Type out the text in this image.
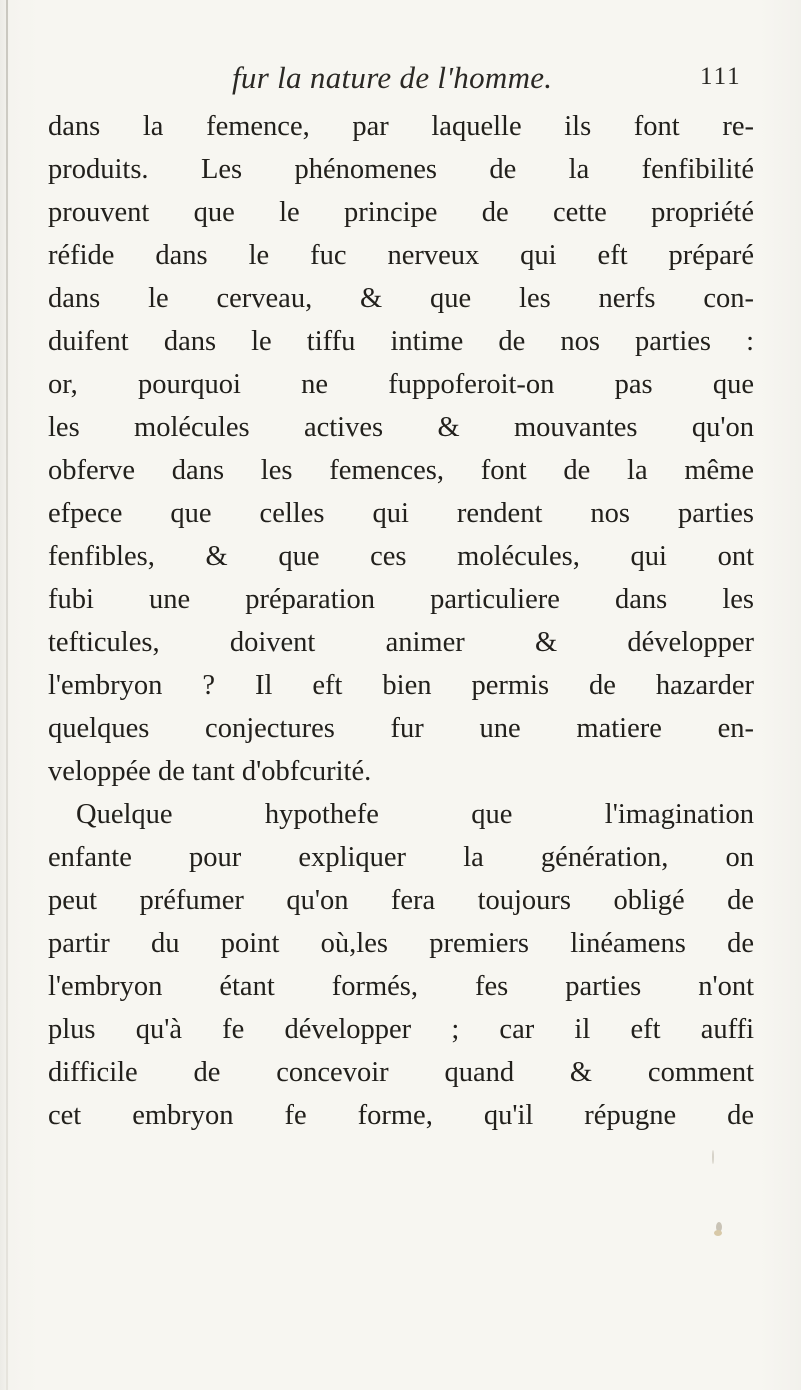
fur la nature de l'homme.	111
dans la femence, par laquelle ils font re-
produits. Les phénomenes de la fenfibilité
prouvent que le principe de cette propriété
réfide dans le fuc nerveux qui eft préparé
dans le cerveau, & que les nerfs con-
duifent dans le tiffu intime de nos parties :
or, pourquoi ne fuppoferoit-on pas que
les molécules actives & mouvantes qu'on
obferve dans les femences, font de la même
efpece que celles qui rendent nos parties
fenfibles, & que ces molécules, qui ont
fubi une préparation particuliere dans les
tefticules, doivent animer & développer
l'embryon ? Il eft bien permis de hazarder
quelques conjectures fur une matiere en-
veloppée de tant d'obfcurité.
Quelque hypothefe que l'imagination
enfante pour expliquer la génération, on
peut préfumer qu'on fera toujours obligé de
partir du point où,les premiers linéamens de
l'embryon étant formés, fes parties n'ont
plus qu'à fe développer ; car il eft auffi
difficile de concevoir quand & comment
cet embryon fe forme, qu'il répugne de
